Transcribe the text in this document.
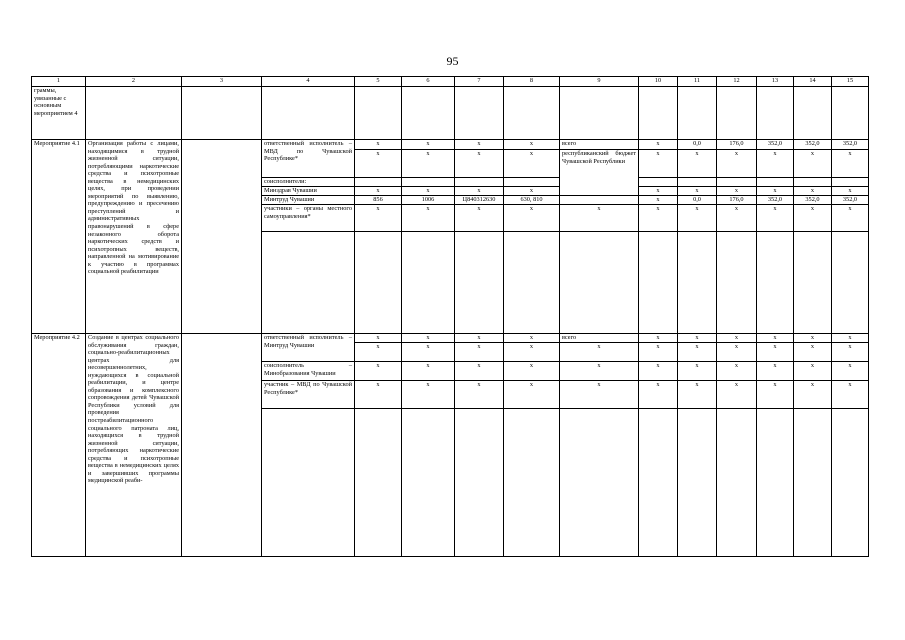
95
1	2	3	4	5	6	7	8	9	10	11	12	13	14	15
граммы, увязанные с основным мероприятием 4														
Мероприятие 4.1	Организация работы с лицами, находящимися в трудной жизненной ситуации, потребляющими наркотические средства и психотропные вещества в немедицинских целях, при проведении мероприятий по выявлению, предупреждению и пресечению преступлений и административных правонарушений в сфере незаконного оборота наркотических средств и психотропных веществ, направленной на мотивирование к участию в программах социальной реабилитации		ответственный исполнитель – МВД по Чувашской Республике*	x	x	x	x	всего	x	0,0	176,0	352,0	352,0	352,0
				x	x	x	x	республиканский бюджет Чувашской Республики	x	x	x	x	x	x
			соисполнители:											
			Минздрав Чувашии	x	x	x	x		x	x	x	x	x	x
			Минтруд Чувашии	856	1006	Ц840312630	630, 810		x	0,0	176,0	352,0	352,0	352,0
			участники – органы местного самоуправления*	x	x	x	x	x	x	x	x	x	x	x

Мероприятие 4.2	Создание в центрах социального обслуживания граждан, социально-реабилитационных центрах для несовершеннолетних, нуждающихся в социальной реабилитации, и центре образования и комплексного сопровождения детей Чувашской Республики условий для проведения постреабилитационного социального патроната лиц, находящихся в трудной жизненной ситуации, потребляющих наркотические средства и психотропные вещества в немедицинских целях и завершивших программы медицинской реаби-		ответственный исполнитель – Минтруд Чувашии	x	x	x	x	всего	x	x	x	x	x	x
				x	x	x	x	x	x	x	x	x	x	x
			соисполнитель – Минобразования Чувашии	x	x	x	x	x	x	x	x	x	x	x
			участник – МВД по Чувашской Республике*	x	x	x	x	x	x	x	x	x	x	x
